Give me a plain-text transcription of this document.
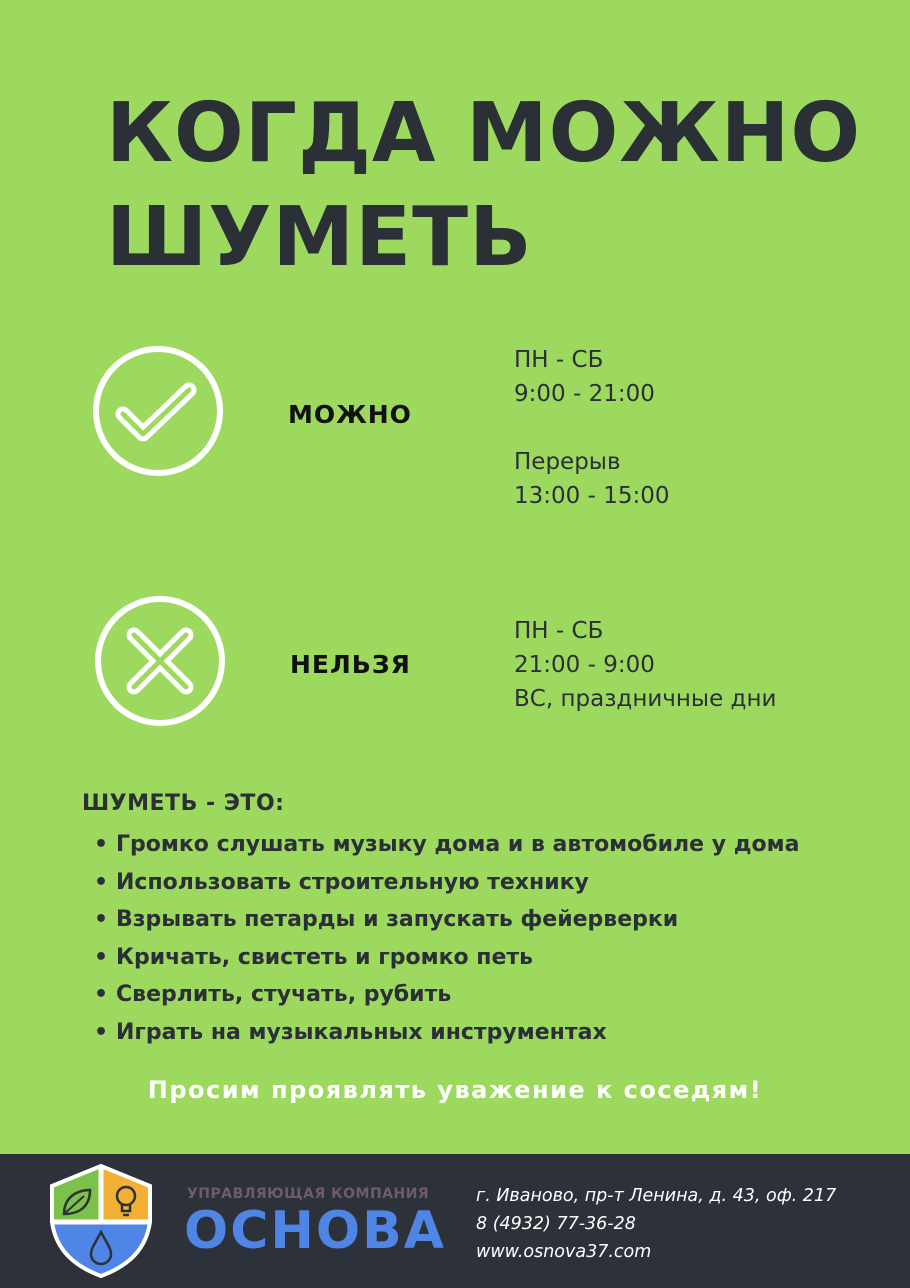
КОГДА МОЖНО
ШУМЕТЬ
МОЖНО
ПН - СБ
9:00 - 21:00
Перерыв
13:00 - 15:00
НЕЛЬЗЯ
ПН - СБ
21:00 - 9:00
ВС, праздничные дни
ШУМЕТЬ - ЭТО:
• Громко слушать музыку дома и в автомобиле у дома
• Использовать строительную технику
• Взрывать петарды и запускать фейерверки
• Кричать, свистеть и громко петь
• Сверлить, стучать, рубить
• Играть на музыкальных инструментах
Просим проявлять уважение к соседям!
УПРАВЛЯЮЩАЯ КОМПАНИЯ
ОСНОВА
г. Иваново, пр-т Ленина, д. 43, оф. 217
8 (4932) 77-36-28
www.osnova37.com
